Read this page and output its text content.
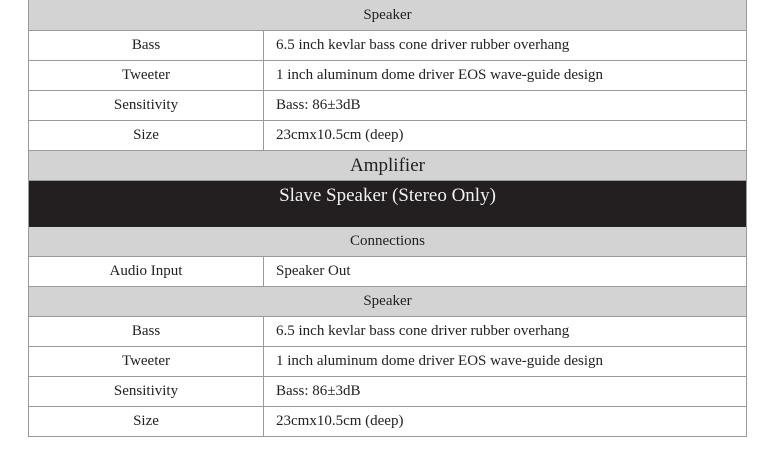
Speaker
Bass	6.5 inch kevlar bass cone driver rubber overhang
Tweeter	1 inch aluminum dome driver EOS wave-guide design
Sensitivity	Bass: 86±3dB
Size	23cmx10.5cm (deep)
Amplifier
Slave Speaker (Stereo Only)
Connections
Audio Input	Speaker Out
Speaker
Bass	6.5 inch kevlar bass cone driver rubber overhang
Tweeter	1 inch aluminum dome driver EOS wave-guide design
Sensitivity	Bass: 86±3dB
Size	23cmx10.5cm (deep)
